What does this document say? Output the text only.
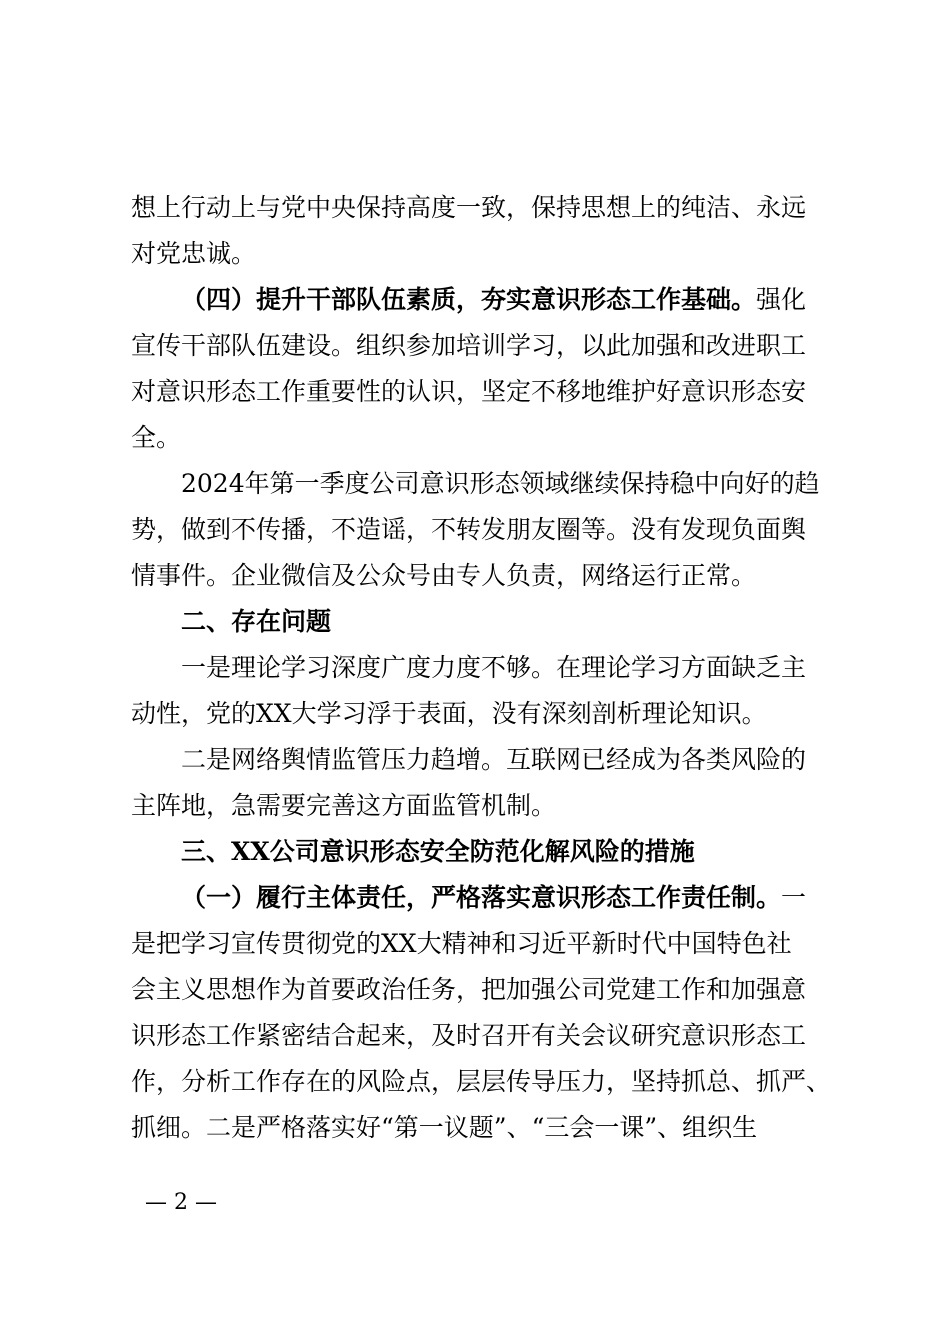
想上行动上与党中央保持高度一致，保持思想上的纯洁、永远
对党忠诚。
（四）提升干部队伍素质，夯实意识形态工作基础。强化
宣传干部队伍建设。组织参加培训学习，以此加强和改进职工
对意识形态工作重要性的认识，坚定不移地维护好意识形态安
全。
2024年第一季度公司意识形态领域继续保持稳中向好的趋
势，做到不传播，不造谣，不转发朋友圈等。没有发现负面舆
情事件。企业微信及公众号由专人负责，网络运行正常。
二、存在问题
一是理论学习深度广度力度不够。在理论学习方面缺乏主
动性，党的XX大学习浮于表面，没有深刻剖析理论知识。
二是网络舆情监管压力趋增。互联网已经成为各类风险的
主阵地，急需要完善这方面监管机制。
三、XX公司意识形态安全防范化解风险的措施
（一）履行主体责任，严格落实意识形态工作责任制。一
是把学习宣传贯彻党的XX大精神和习近平新时代中国特色社
会主义思想作为首要政治任务，把加强公司党建工作和加强意
识形态工作紧密结合起来，及时召开有关会议研究意识形态工
作，分析工作存在的风险点，层层传导压力，坚持抓总、抓严、
抓细。二是严格落实好“第一议题”、“三会一课”、组织生
— 2 —
